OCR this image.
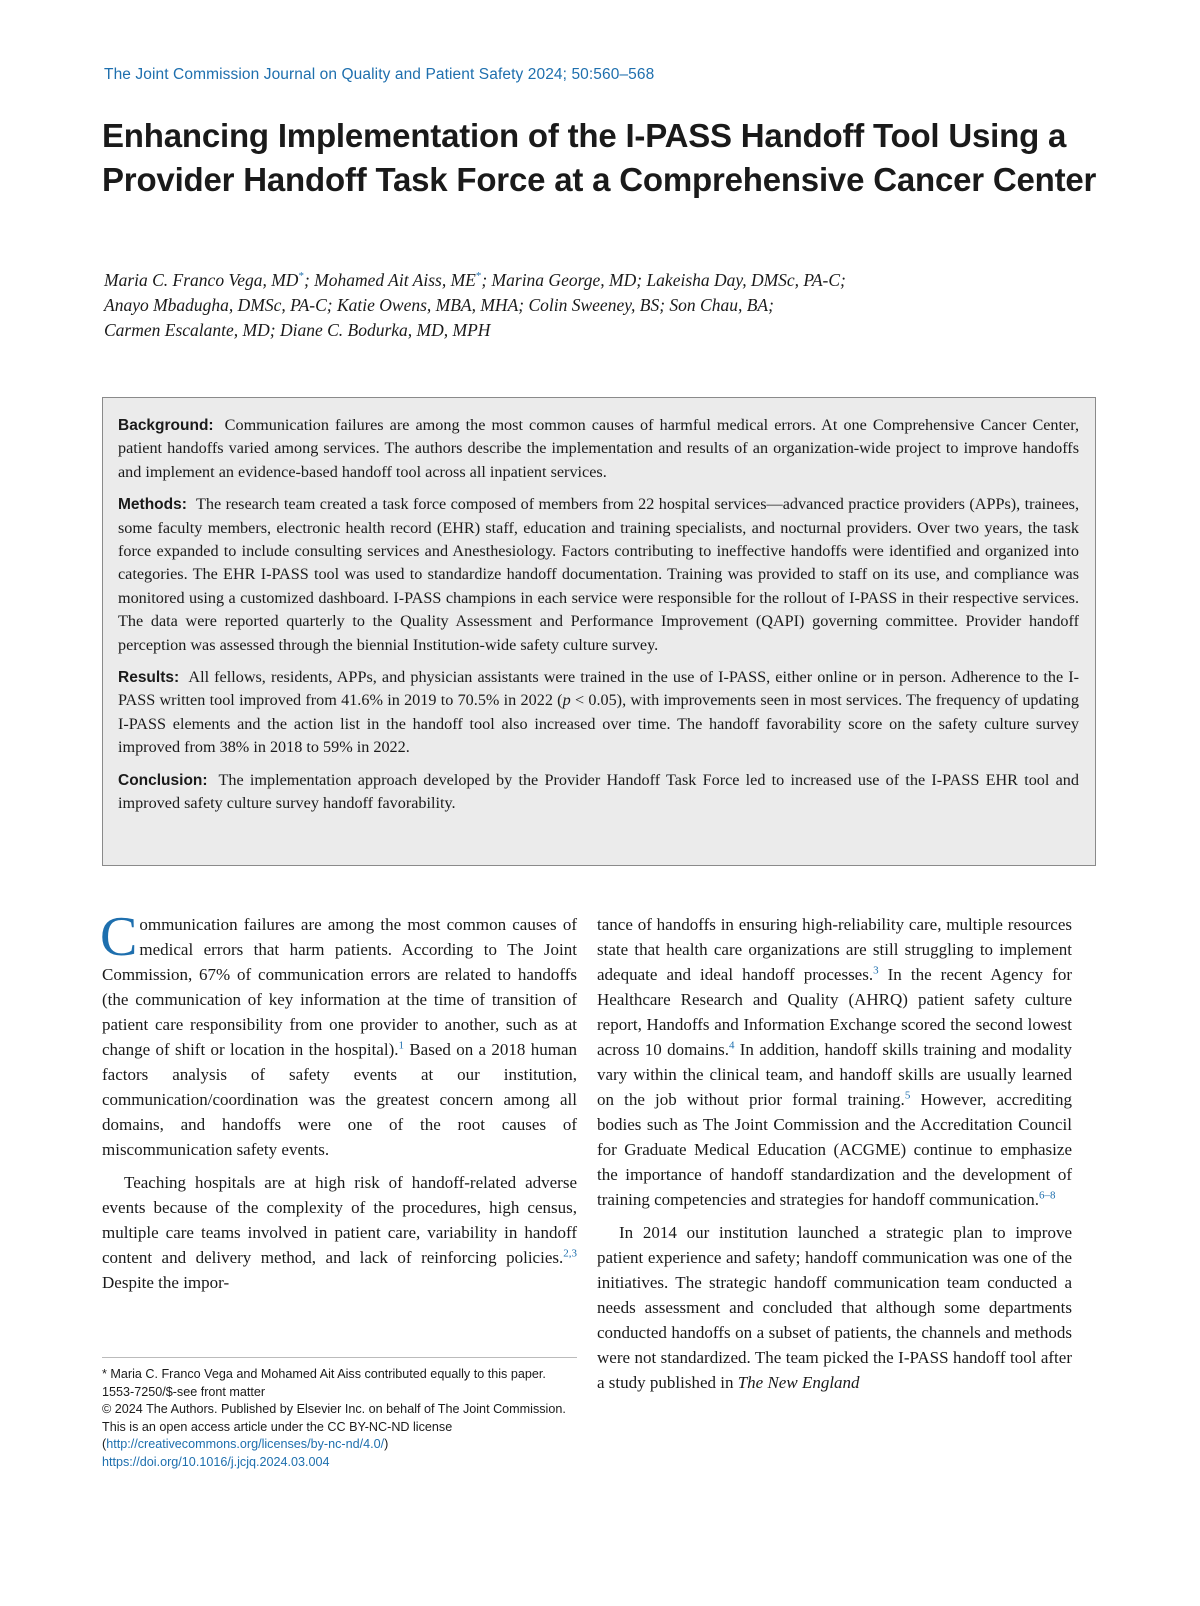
The Joint Commission Journal on Quality and Patient Safety 2024; 50:560–568
Enhancing Implementation of the I-PASS Handoff Tool Using a Provider Handoff Task Force at a Comprehensive Cancer Center
Maria C. Franco Vega, MD*; Mohamed Ait Aiss, ME*; Marina George, MD; Lakeisha Day, DMSc, PA-C;
Anayo Mbadugha, DMSc, PA-C; Katie Owens, MBA, MHA; Colin Sweeney, BS; Son Chau, BA;
Carmen Escalante, MD; Diane C. Bodurka, MD, MPH

Background: Communication failures are among the most common causes of harmful medical errors. At one Comprehensive Cancer Center, patient handoffs varied among services. The authors describe the implementation and results of an organization-wide project to improve handoffs and implement an evidence-based handoff tool across all inpatient services.

Methods: The research team created a task force composed of members from 22 hospital services—advanced practice providers (APPs), trainees, some faculty members, electronic health record (EHR) staff, education and training specialists, and nocturnal providers. Over two years, the task force expanded to include consulting services and Anesthesiology. Factors contributing to ineffective handoffs were identified and organized into categories. The EHR I-PASS tool was used to standardize handoff documentation. Training was provided to staff on its use, and compliance was monitored using a customized dashboard. I-PASS champions in each service were responsible for the rollout of I-PASS in their respective services. The data were reported quarterly to the Quality Assessment and Performance Improvement (QAPI) governing committee. Provider handoff perception was assessed through the biennial Institution-wide safety culture survey.

Results: All fellows, residents, APPs, and physician assistants were trained in the use of I-PASS, either online or in person. Adherence to the I-PASS written tool improved from 41.6% in 2019 to 70.5% in 2022 (p < 0.05), with improvements seen in most services. The frequency of updating I-PASS elements and the action list in the handoff tool also increased over time. The handoff favorability score on the safety culture survey improved from 38% in 2018 to 59% in 2022.

Conclusion: The implementation approach developed by the Provider Handoff Task Force led to increased use of the I-PASS EHR tool and improved safety culture survey handoff favorability.

Communication failures are among the most common causes of medical errors that harm patients. According to The Joint Commission, 67% of communication errors are related to handoffs (the communication of key information at the time of transition of patient care responsibility from one provider to another, such as at change of shift or location in the hospital).$^1$ Based on a 2018 human factors analysis of safety events at our institution, communication/coordination was the greatest concern among all domains, and handoffs were one of the root causes of miscommunication safety events.

Teaching hospitals are at high risk of handoff-related adverse events because of the complexity of the procedures, high census, multiple care teams involved in patient care, variability in handoff content and delivery method, and lack of reinforcing policies.$^{2,3}$ Despite the impor-

tance of handoffs in ensuring high-reliability care, multiple resources state that health care organizations are still struggling to implement adequate and ideal handoff processes.$^3$ In the recent Agency for Healthcare Research and Quality (AHRQ) patient safety culture report, Handoffs and Information Exchange scored the second lowest across 10 domains.$^4$ In addition, handoff skills training and modality vary within the clinical team, and handoff skills are usually learned on the job without prior formal training.$^5$ However, accrediting bodies such as The Joint Commission and the Accreditation Council for Graduate Medical Education (ACGME) continue to emphasize the importance of handoff standardization and the development of training competencies and strategies for handoff communication.$^{6-8}$

In 2014 our institution launched a strategic plan to improve patient experience and safety; handoff communication was one of the initiatives. The strategic handoff communication team conducted a needs assessment and concluded that although some departments conducted handoffs on a subset of patients, the channels and methods were not standardized. The team picked the I-PASS handoff tool after a study published in The New England

* Maria C. Franco Vega and Mohamed Ait Aiss contributed equally to this paper.

1553-7250/$-see front matter

© 2024 The Authors. Published by Elsevier Inc. on behalf of The Joint Commission. This is an open access article under the CC BY-NC-ND license (http://creativecommons.org/licenses/by-nc-nd/4.0/)

https://doi.org/10.1016/j.jcjq.2024.03.004
